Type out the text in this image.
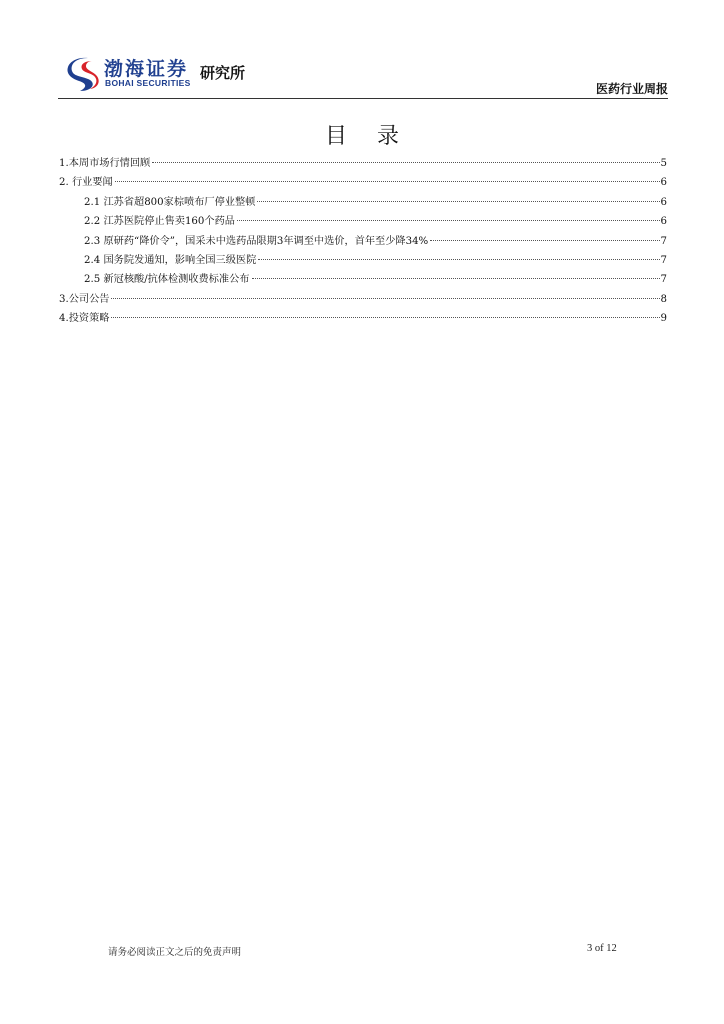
渤海证券
BOHAI SECURITIES
研究所
医药行业周报
目录
1.本周市场行情回顾	5
2. 行业要闻	6
2.1 江苏省超800家棕喷布厂停业整顿	6
2.2 江苏医院停止售卖160个药品	6
2.3 原研药“降价令”，国采未中选药品限期3年调至中选价，首年至少降34%	7
2.4 国务院发通知，影响全国三级医院	7
2.5 新冠核酸/抗体检测收费标准公布	7
3.公司公告	8
4.投资策略	9
请务必阅读正文之后的免责声明	3 of 12
